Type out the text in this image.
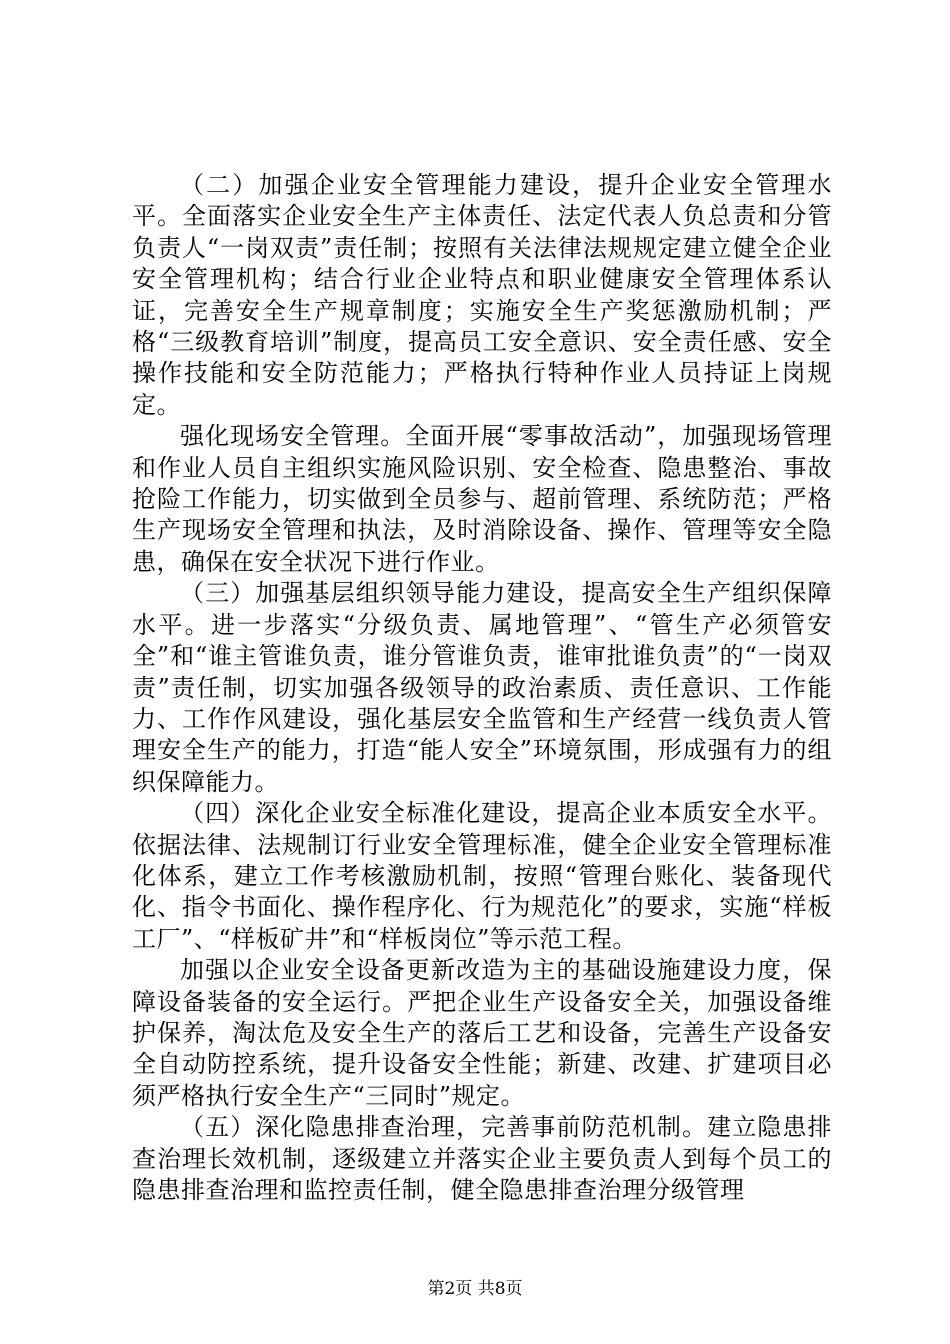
（二）加强企业安全管理能力建设，提升企业安全管理水平。全面落实企业安全生产主体责任、法定代表人负总责和分管负责人“一岗双责”责任制；按照有关法律法规规定建立健全企业安全管理机构；结合行业企业特点和职业健康安全管理体系认证，完善安全生产规章制度；实施安全生产奖惩激励机制；严格“三级教育培训”制度，提高员工安全意识、安全责任感、安全操作技能和安全防范能力；严格执行特种作业人员持证上岗规定。

强化现场安全管理。全面开展“零事故活动”，加强现场管理和作业人员自主组织实施风险识别、安全检查、隐患整治、事故抢险工作能力，切实做到全员参与、超前管理、系统防范；严格生产现场安全管理和执法，及时消除设备、操作、管理等安全隐患，确保在安全状况下进行作业。

（三）加强基层组织领导能力建设，提高安全生产组织保障水平。进一步落实“分级负责、属地管理”、“管生产必须管安全”和“谁主管谁负责，谁分管谁负责，谁审批谁负责”的“一岗双责”责任制，切实加强各级领导的政治素质、责任意识、工作能力、工作作风建设，强化基层安全监管和生产经营一线负责人管理安全生产的能力，打造“能人安全”环境氛围，形成强有力的组织保障能力。

（四）深化企业安全标准化建设，提高企业本质安全水平。依据法律、法规制订行业安全管理标准，健全企业安全管理标准化体系，建立工作考核激励机制，按照“管理台账化、装备现代化、指令书面化、操作程序化、行为规范化”的要求，实施“样板工厂”、“样板矿井”和“样板岗位”等示范工程。

加强以企业安全设备更新改造为主的基础设施建设力度，保障设备装备的安全运行。严把企业生产设备安全关，加强设备维护保养，淘汰危及安全生产的落后工艺和设备，完善生产设备安全自动防控系统，提升设备安全性能；新建、改建、扩建项目必须严格执行安全生产“三同时”规定。

（五）深化隐患排查治理，完善事前防范机制。建立隐患排查治理长效机制，逐级建立并落实企业主要负责人到每个员工的隐患排查治理和监控责任制，健全隐患排查治理分级管理

第2页 共8页
